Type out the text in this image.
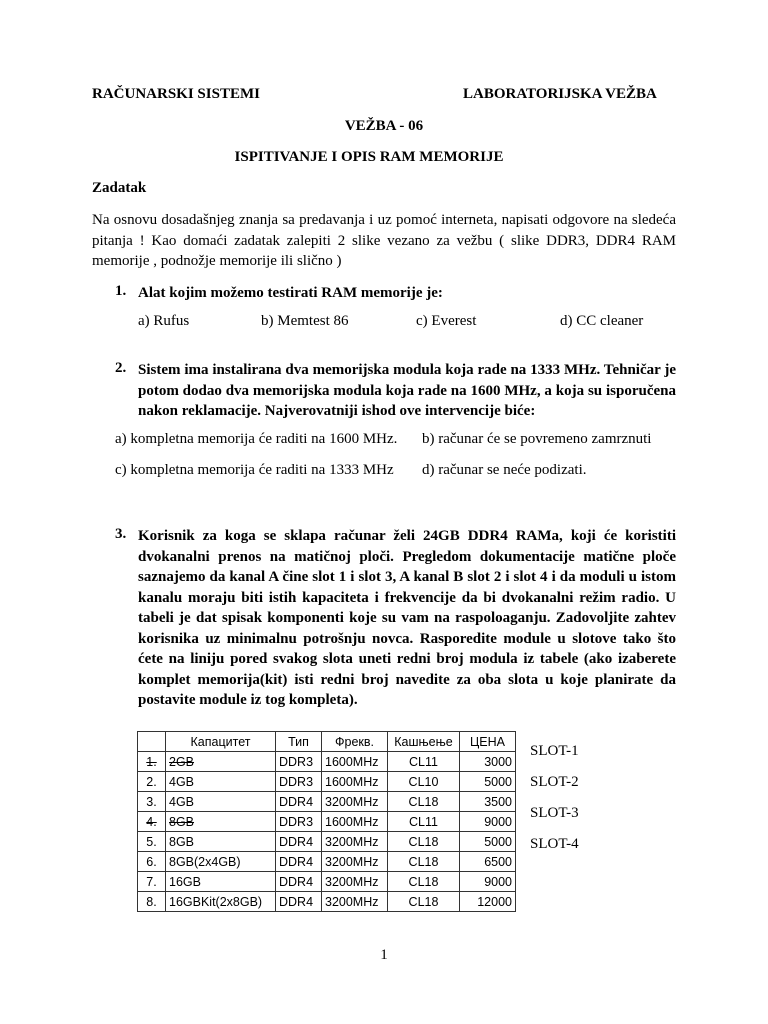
RAČUNARSKI SISTEMI	LABORATORIJSKA VEŽBA
VEŽBA - 06
ISPITIVANJE I OPIS RAM MEMORIJE
Zadatak
Na osnovu dosadašnjeg znanja sa predavanja i uz pomoć interneta, napisati odgovore na sledeća pitanja ! Kao domaći zadatak zalepiti 2 slike vezano za vežbu ( slike DDR3, DDR4 RAM memorije , podnožje memorije ili slično )
1. Alat kojim možemo testirati RAM memorije je:
a) Rufus	b) Memtest 86	c) Everest	d) CC cleaner
2. Sistem ima instalirana dva memorijska modula koja rade na 1333 MHz. Tehničar je potom dodao dva memorijska modula koja rade na 1600 MHz, a koja su isporučena nakon reklamacije. Najverovatniji ishod ove intervencije biće:
a) kompletna memorija će raditi na 1600 MHz. b) računar će se povremeno zamrznuti
c) kompletna memorija će raditi na 1333 MHz d) računar se neće podizati.
3. Korisnik za koga se sklapa računar želi 24GB DDR4 RAMa, koji će koristiti dvokanalni prenos na matičnoj ploči. Pregledom dokumentacije matične ploče saznajemo da kanal A čine slot 1 i slot 3, A kanal B slot 2 i slot 4 i da moduli u istom kanalu moraju biti istih kapaciteta i frekvencije da bi dvokanalni režim radio. U tabeli je dat spisak komponenti koje su vam na raspoloaganju. Zadovoljite zahtev korisnika uz minimalnu potrošnju novca. Rasporedite module u slotove tako što ćete na liniju pored svakog slota uneti redni broj modula iz tabele (ako izaberete komplet memorija(kit) isti redni broj navedite za oba slota u koje planirate da postavite module iz tog kompleta).
	Капацитет	Тип	Фрекв.	Кашњење	ЦЕНА
1.	2GB	DDR3	1600MHz	CL11	3000
2.	4GB	DDR3	1600MHz	CL10	5000
3.	4GB	DDR4	3200MHz	CL18	3500
4.	8GB	DDR3	1600MHz	CL11	9000
5.	8GB	DDR4	3200MHz	CL18	5000
6.	8GB(2x4GB)	DDR4	3200MHz	CL18	6500
7.	16GB	DDR4	3200MHz	CL18	9000
8.	16GBKit(2x8GB)	DDR4	3200MHz	CL18	12000
SLOT-1
SLOT-2
SLOT-3
SLOT-4
1
